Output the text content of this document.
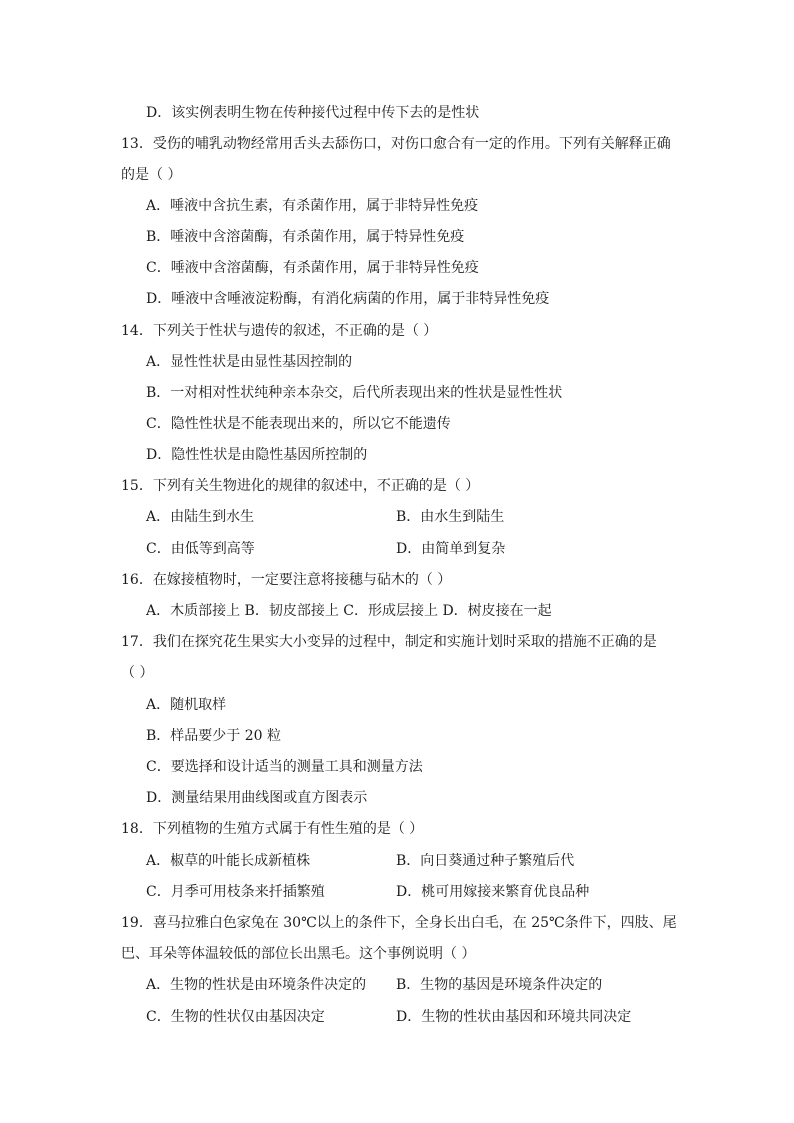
D．该实例表明生物在传种接代过程中传下去的是性状
13．受伤的哺乳动物经常用舌头去舔伤口，对伤口愈合有一定的作用。下列有关解释正确
的是（ ）
A．唾液中含抗生素，有杀菌作用，属于非特异性免疫
B．唾液中含溶菌酶，有杀菌作用，属于特异性免疫
C．唾液中含溶菌酶，有杀菌作用，属于非特异性免疫
D．唾液中含唾液淀粉酶，有消化病菌的作用，属于非特异性免疫
14．下列关于性状与遗传的叙述，不正确的是（ ）
A．显性性状是由显性基因控制的
B．一对相对性状纯种亲本杂交，后代所表现出来的性状是显性性状
C．隐性性状是不能表现出来的，所以它不能遗传
D．隐性性状是由隐性基因所控制的
15．下列有关生物进化的规律的叙述中，不正确的是（ ）
A．由陆生到水生	B．由水生到陆生
C．由低等到高等	D．由简单到复杂
16．在嫁接植物时，一定要注意将接穗与砧木的（ ）
A．木质部接上 B．韧皮部接上 C．形成层接上 D．树皮接在一起
17．我们在探究花生果实大小变异的过程中，制定和实施计划时采取的措施不正确的是
（ ）
A．随机取样
B．样品要少于 20 粒
C．要选择和设计适当的测量工具和测量方法
D．测量结果用曲线图或直方图表示
18．下列植物的生殖方式属于有性生殖的是（ ）
A．椒草的叶能长成新植株	B．向日葵通过种子繁殖后代
C．月季可用枝条来扦插繁殖	D．桃可用嫁接来繁育优良品种
19．喜马拉雅白色家兔在 30℃以上的条件下，全身长出白毛，在 25℃条件下，四肢、尾
巴、耳朵等体温较低的部位长出黑毛。这个事例说明（ ）
A．生物的性状是由环境条件决定的 B．生物的基因是环境条件决定的
C．生物的性状仅由基因决定	D．生物的性状由基因和环境共同决定
